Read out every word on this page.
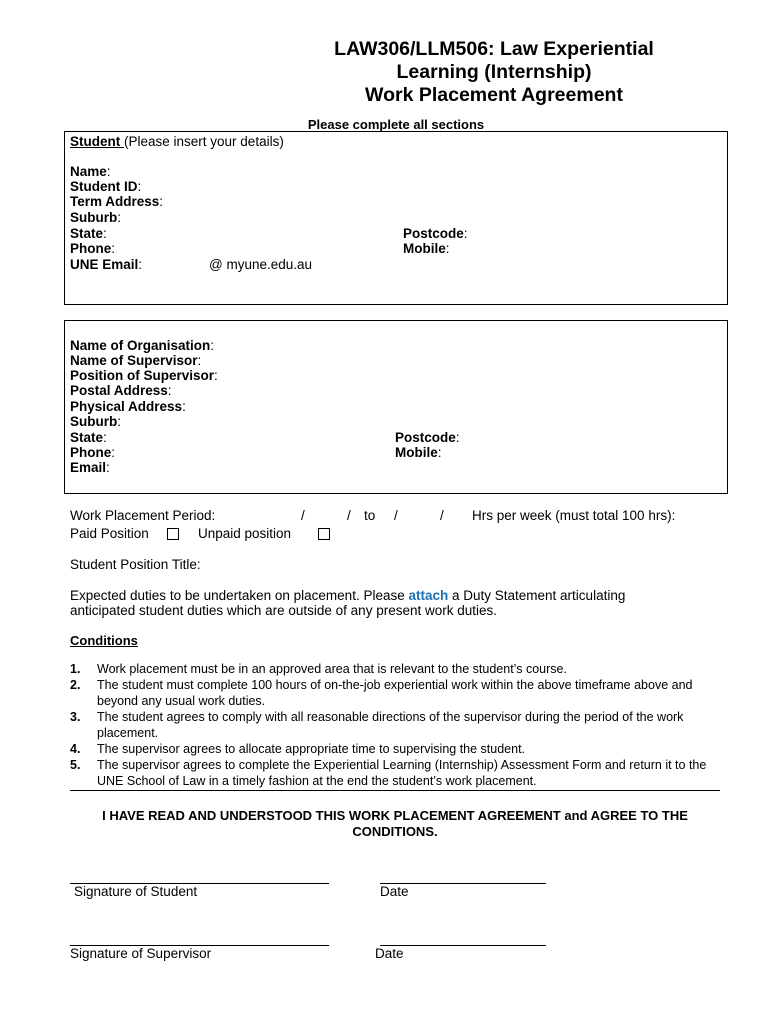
LAW306/LLM506: Law Experiential
Learning (Internship)
Work Placement Agreement
Please complete all sections
Student (Please insert your details)
Name:
Student ID:
Term Address:
Suburb:
State:	Postcode:
Phone:	Mobile:
UNE Email:	@ myune.edu.au
Name of Organisation:
Name of Supervisor:
Position of Supervisor:
Postal Address:
Physical Address:
Suburb:
State:	Postcode:
Phone:	Mobile:
Email:
Work Placement Period:	/	/ to /	/ Hrs per week (must total 100 hrs):
Paid Position	Unpaid position
Student Position Title:
Expected duties to be undertaken on placement. Please attach a Duty Statement articulating
anticipated student duties which are outside of any present work duties.
Conditions
1.	Work placement must be in an approved area that is relevant to the student’s course.
2.	The student must complete 100 hours of on-the-job experiential work within the above timeframe above and beyond any usual work duties.
3.	The student agrees to comply with all reasonable directions of the supervisor during the period of the work placement.
4.	The supervisor agrees to allocate appropriate time to supervising the student.
5.	The supervisor agrees to complete the Experiential Learning (Internship) Assessment Form and return it to the UNE School of Law in a timely fashion at the end the student’s work placement.
I HAVE READ AND UNDERSTOOD THIS WORK PLACEMENT AGREEMENT and AGREE TO THE
CONDITIONS.
Signature of Student	Date
Signature of Supervisor	Date
